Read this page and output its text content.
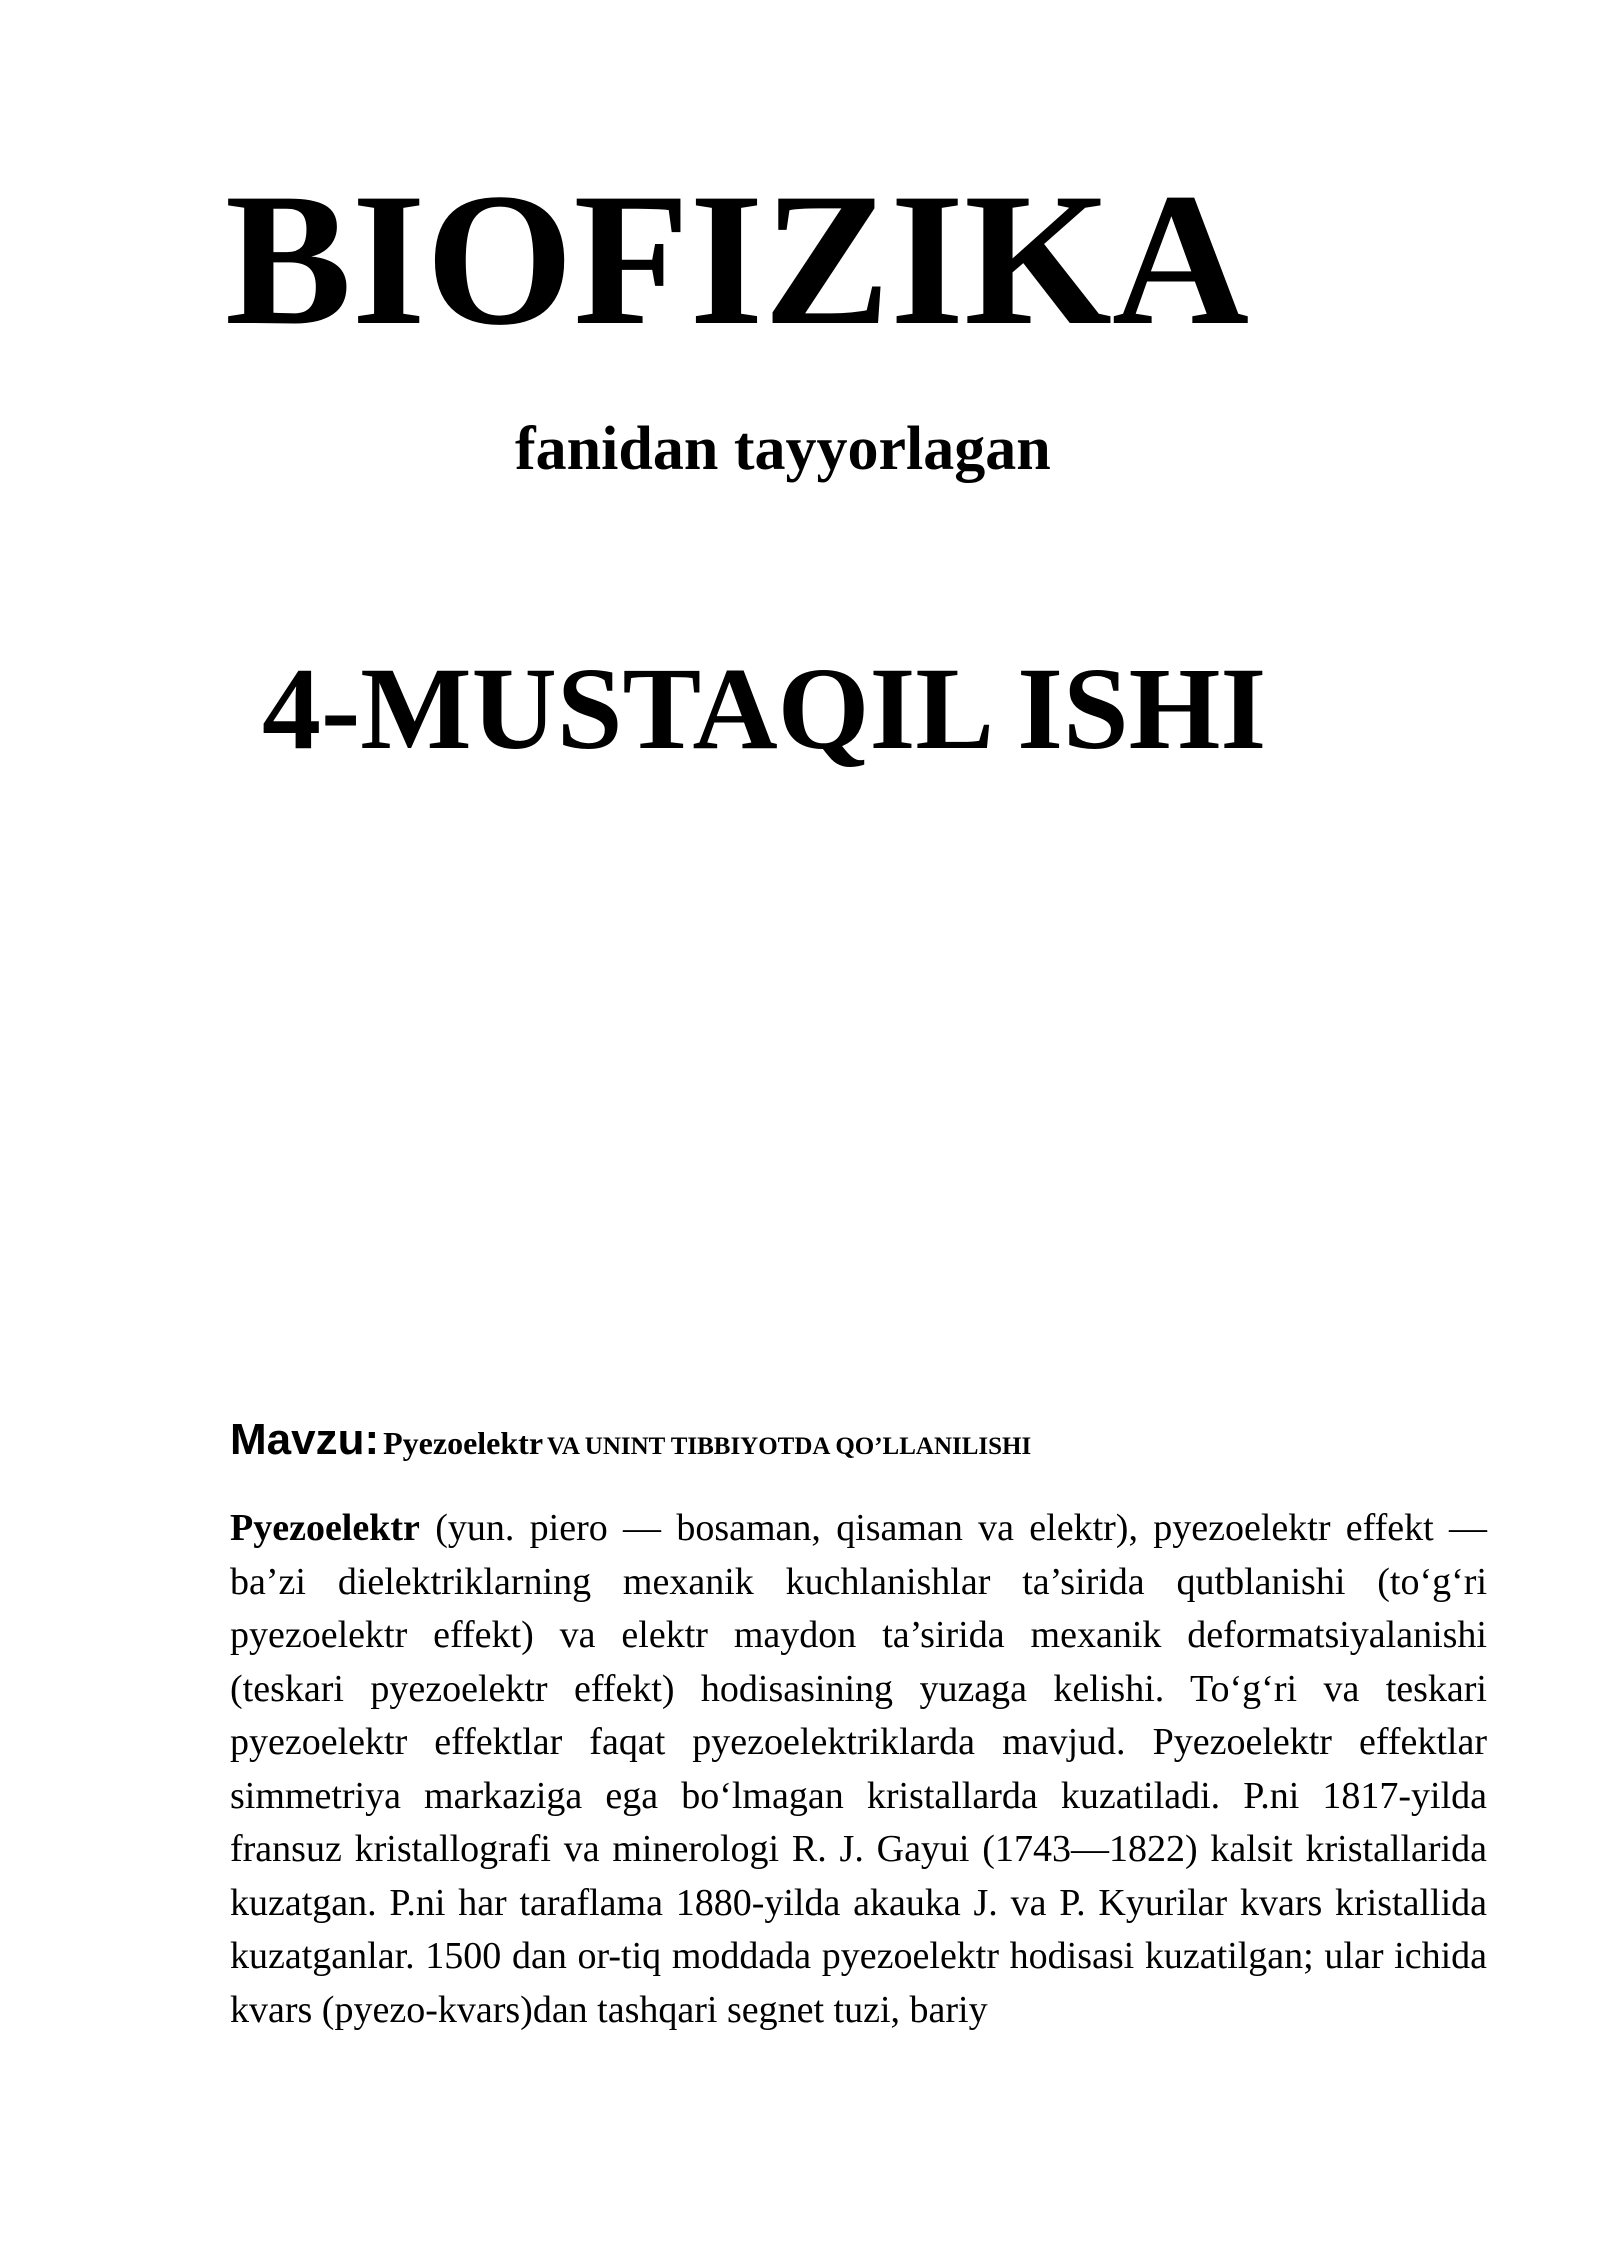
BIOFIZIKA
fanidan tayyorlagan
4-MUSTAQIL ISHI

Mavzu: Pyezoelektr VA UNINT TIBBIYOTDA QO’LLANILISHI

Pyezoelektr (yun. piero — bosaman, qisaman va elektr), pyezoelektr effekt — ba’zi dielektriklarning mexanik kuchlanishlar ta’sirida qutblanishi (to‘g‘ri pyezoelektr effekt) va elektr maydon ta’sirida mexanik deformatsiyalanishi (teskari pyezoelektr effekt) hodisasining yuzaga kelishi. To‘g‘ri va teskari pyezoelektr effektlar faqat pyezoelektriklarda mavjud. Pyezoelektr effektlar simmetriya markaziga ega bo‘lmagan kristallarda kuzatiladi. P.ni 1817-yilda fransuz kristallografi va minerologi R. J. Gayui (1743—1822) kalsit kristallarida kuzatgan. P.ni har taraflama 1880-yilda akauka J. va P. Kyurilar kvars kristallida kuzatganlar. 1500 dan or-tiq moddada pyezoelektr hodisasi kuzatilgan; ular ichida kvars (pyezo-kvars)dan tashqari segnet tuzi, bariy
